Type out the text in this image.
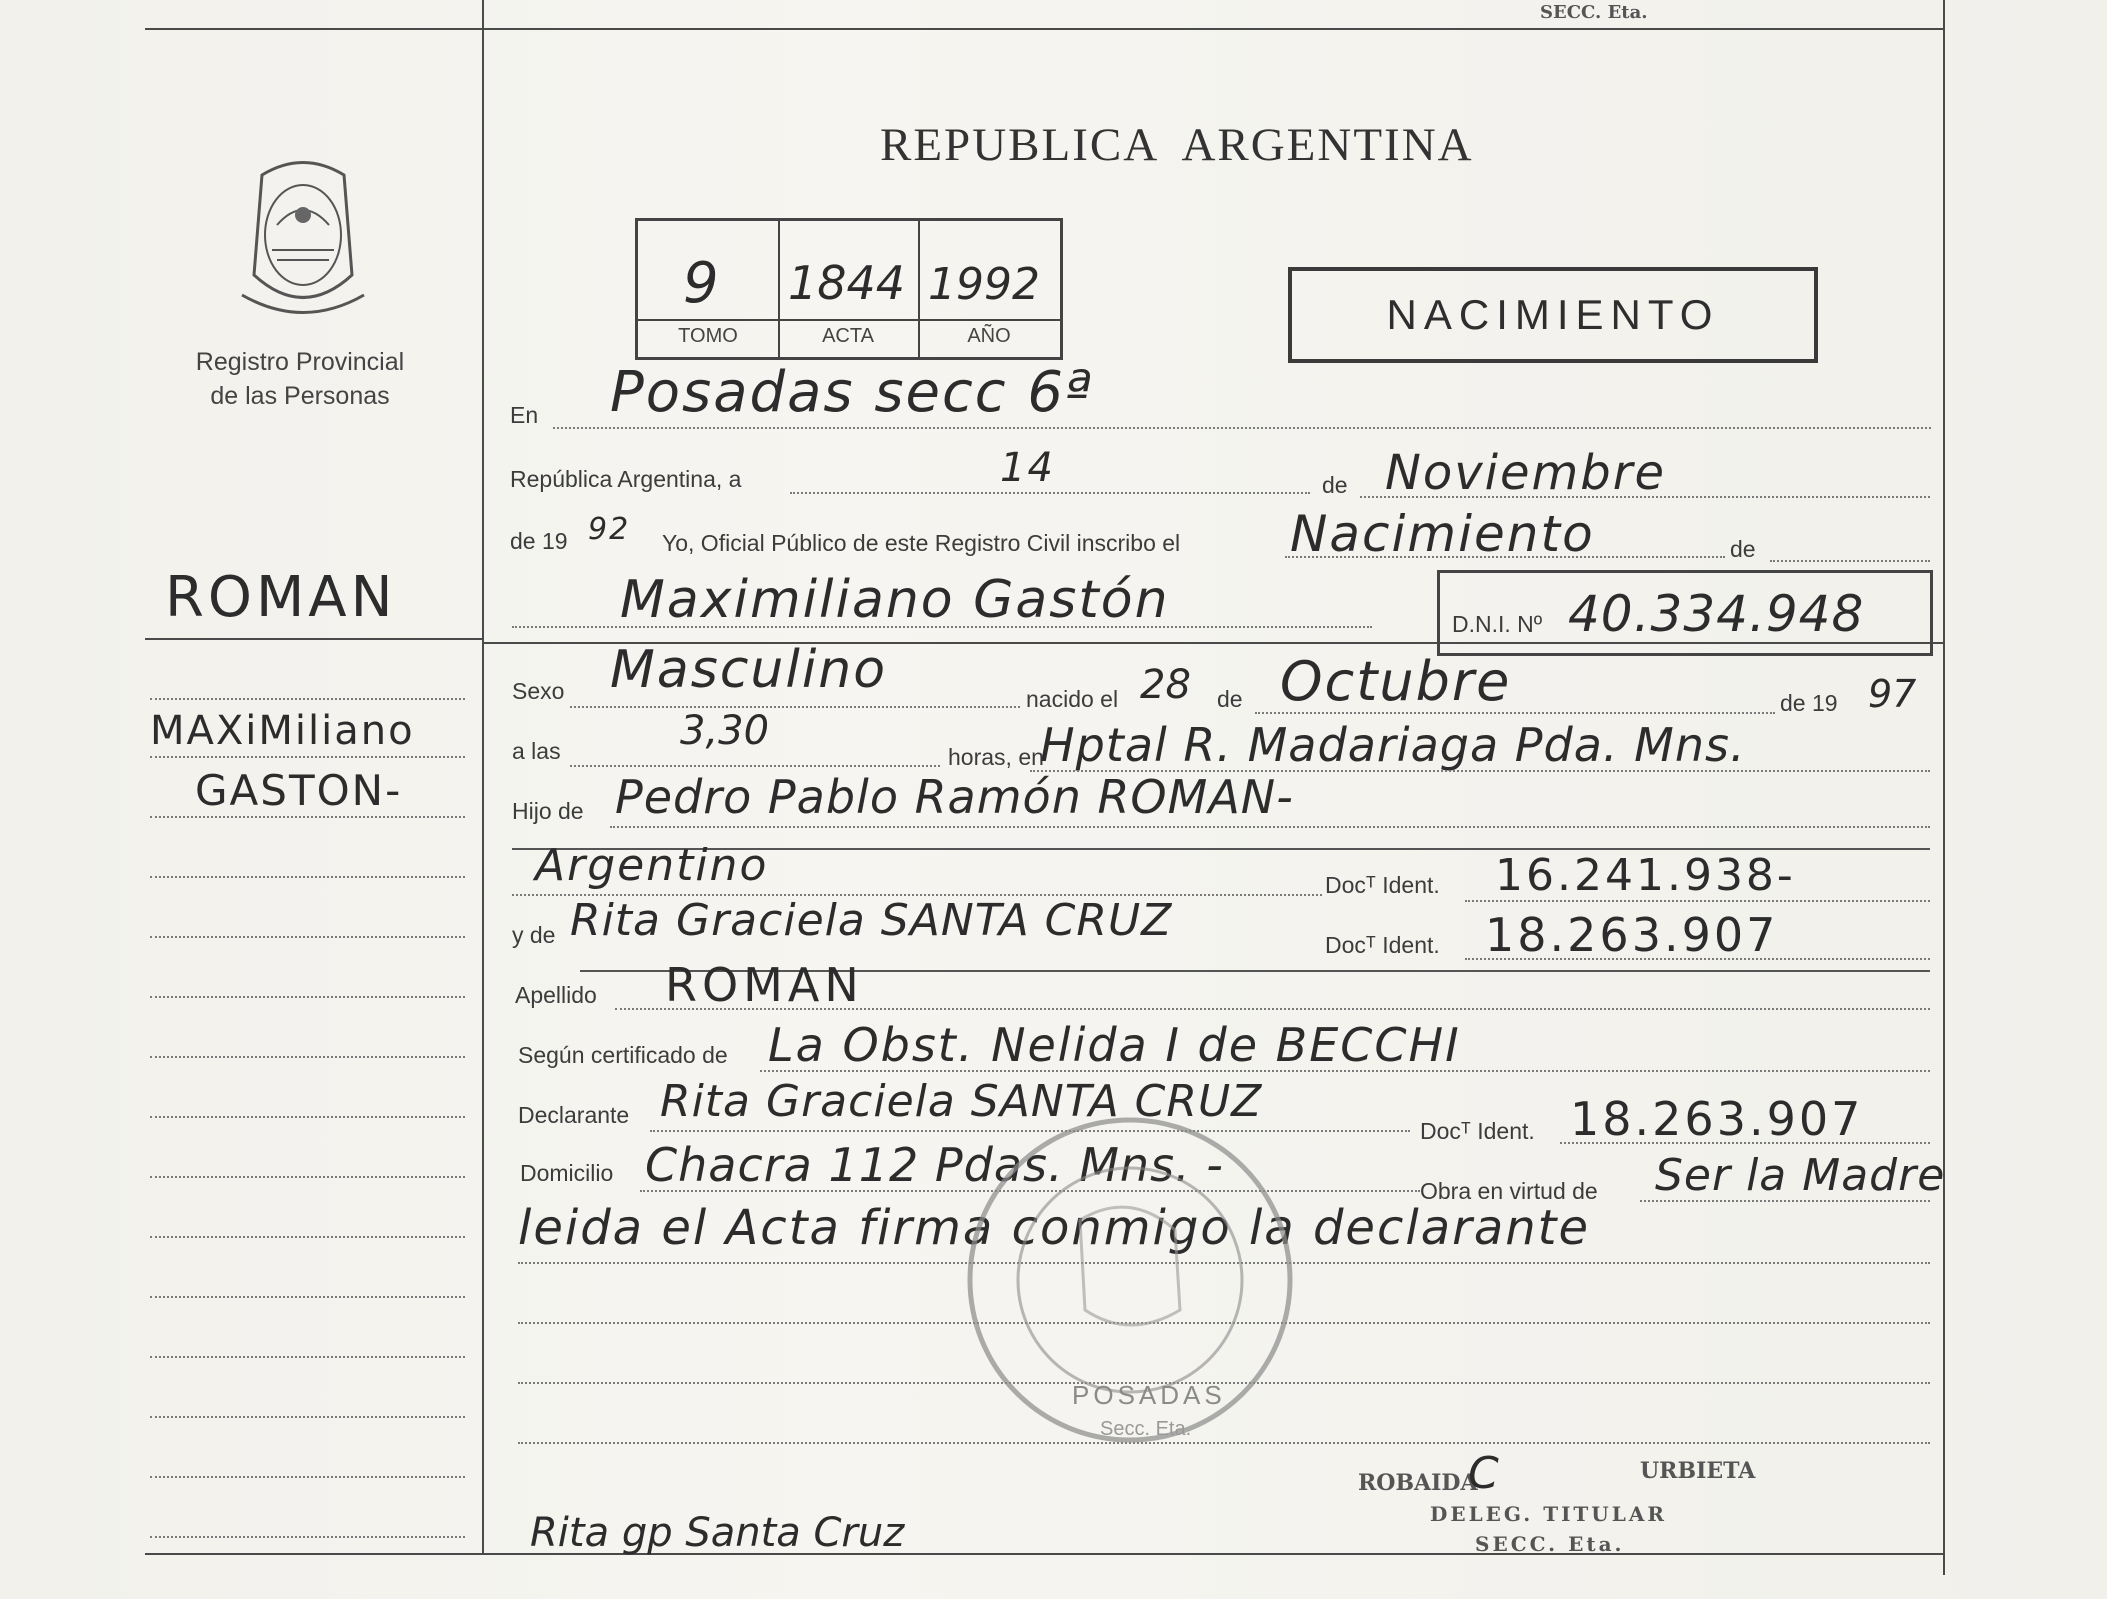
SECC. Eta.
Registro Provincial
de las Personas
REPUBLICA  ARGENTINA
9 1844 1992
TOMO	ACTA	AÑO	NACIMIENTO
En Posadas secc 6ª
República Argentina, a	14	de Noviembre
de 19 92 Yo, Oficial Público de este Registro Civil inscribo el Nacimiento	de
Maximiliano Gastón	D.N.I. Nº 40.334.948
ROMAN
MAXiMiliano
GASTON-
Sexo Masculino	nacido el 28 de Octubre	de 19 97
a las	3,30
horas, en
Hptal R. Madariaga Pda. Mns.
Hijo de Pedro Pablo Ramón ROMAN-
Argentino	Docᵀ Ident. 16.241.938-
y de Rita Graciela SANTA CRUZ	Docᵀ Ident. 18.263.907
Apellido ROMAN
Según certificado de La Obst. Nelida I de BECCHI
Declarante Rita Graciela SANTA CRUZ
Docᵀ Ident. 18.263.907
Domicilio Chacra 112 Pdas. Mns. -	Obra en virtud de Ser la Madre
leida el Acta firma conmigo la declarante
POSADAS
Secc. Eta.
ROBAIDA
C	URBIETA
DELEG. TITULAR
SECC. Eta.
Rita gp Santa Cruz
